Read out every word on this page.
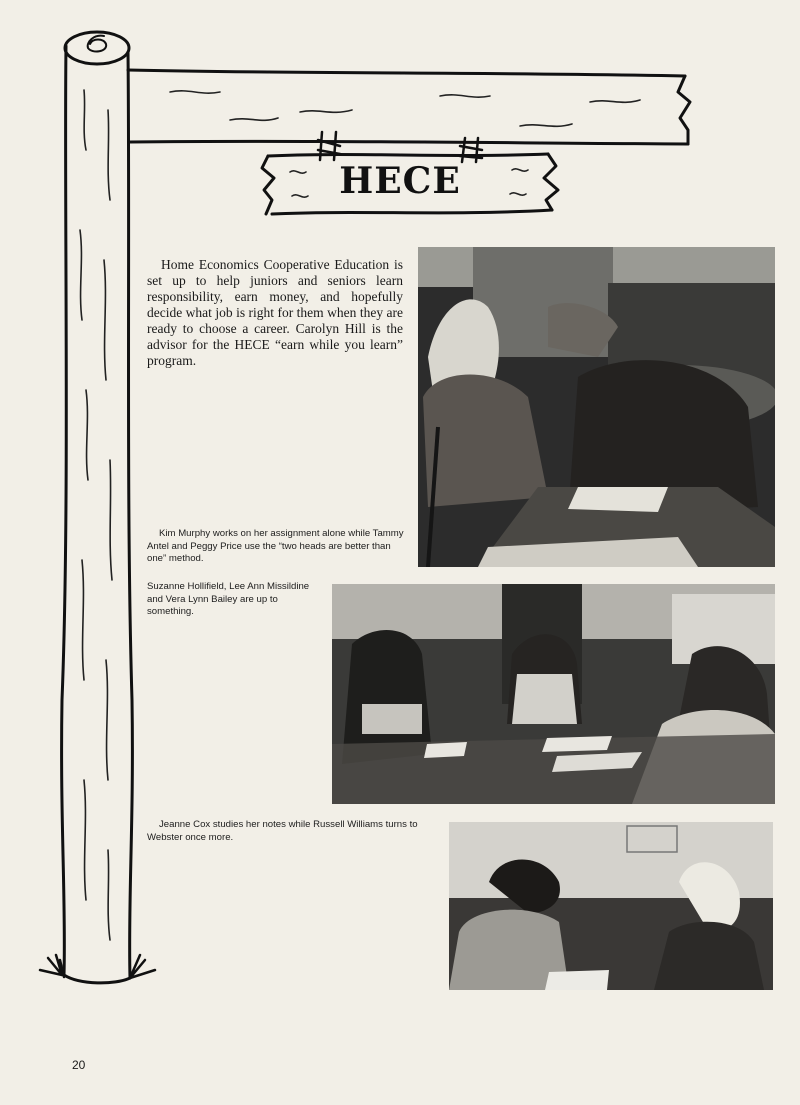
HECE

Home Economics Cooperative Education is set up to help juniors and seniors learn responsibility, earn money, and hopefully decide what job is right for them when they are ready to choose a career. Carolyn Hill is the advisor for the HECE “earn while you learn” program.

Kim Murphy works on her assignment alone while Tammy Antel and Peggy Price use the “two heads are better than one” method.
Suzanne Hollifield, Lee Ann Missildine and Vera Lynn Bailey are up to something.
Jeanne Cox studies her notes while Russell Williams turns to Webster once more.
20
